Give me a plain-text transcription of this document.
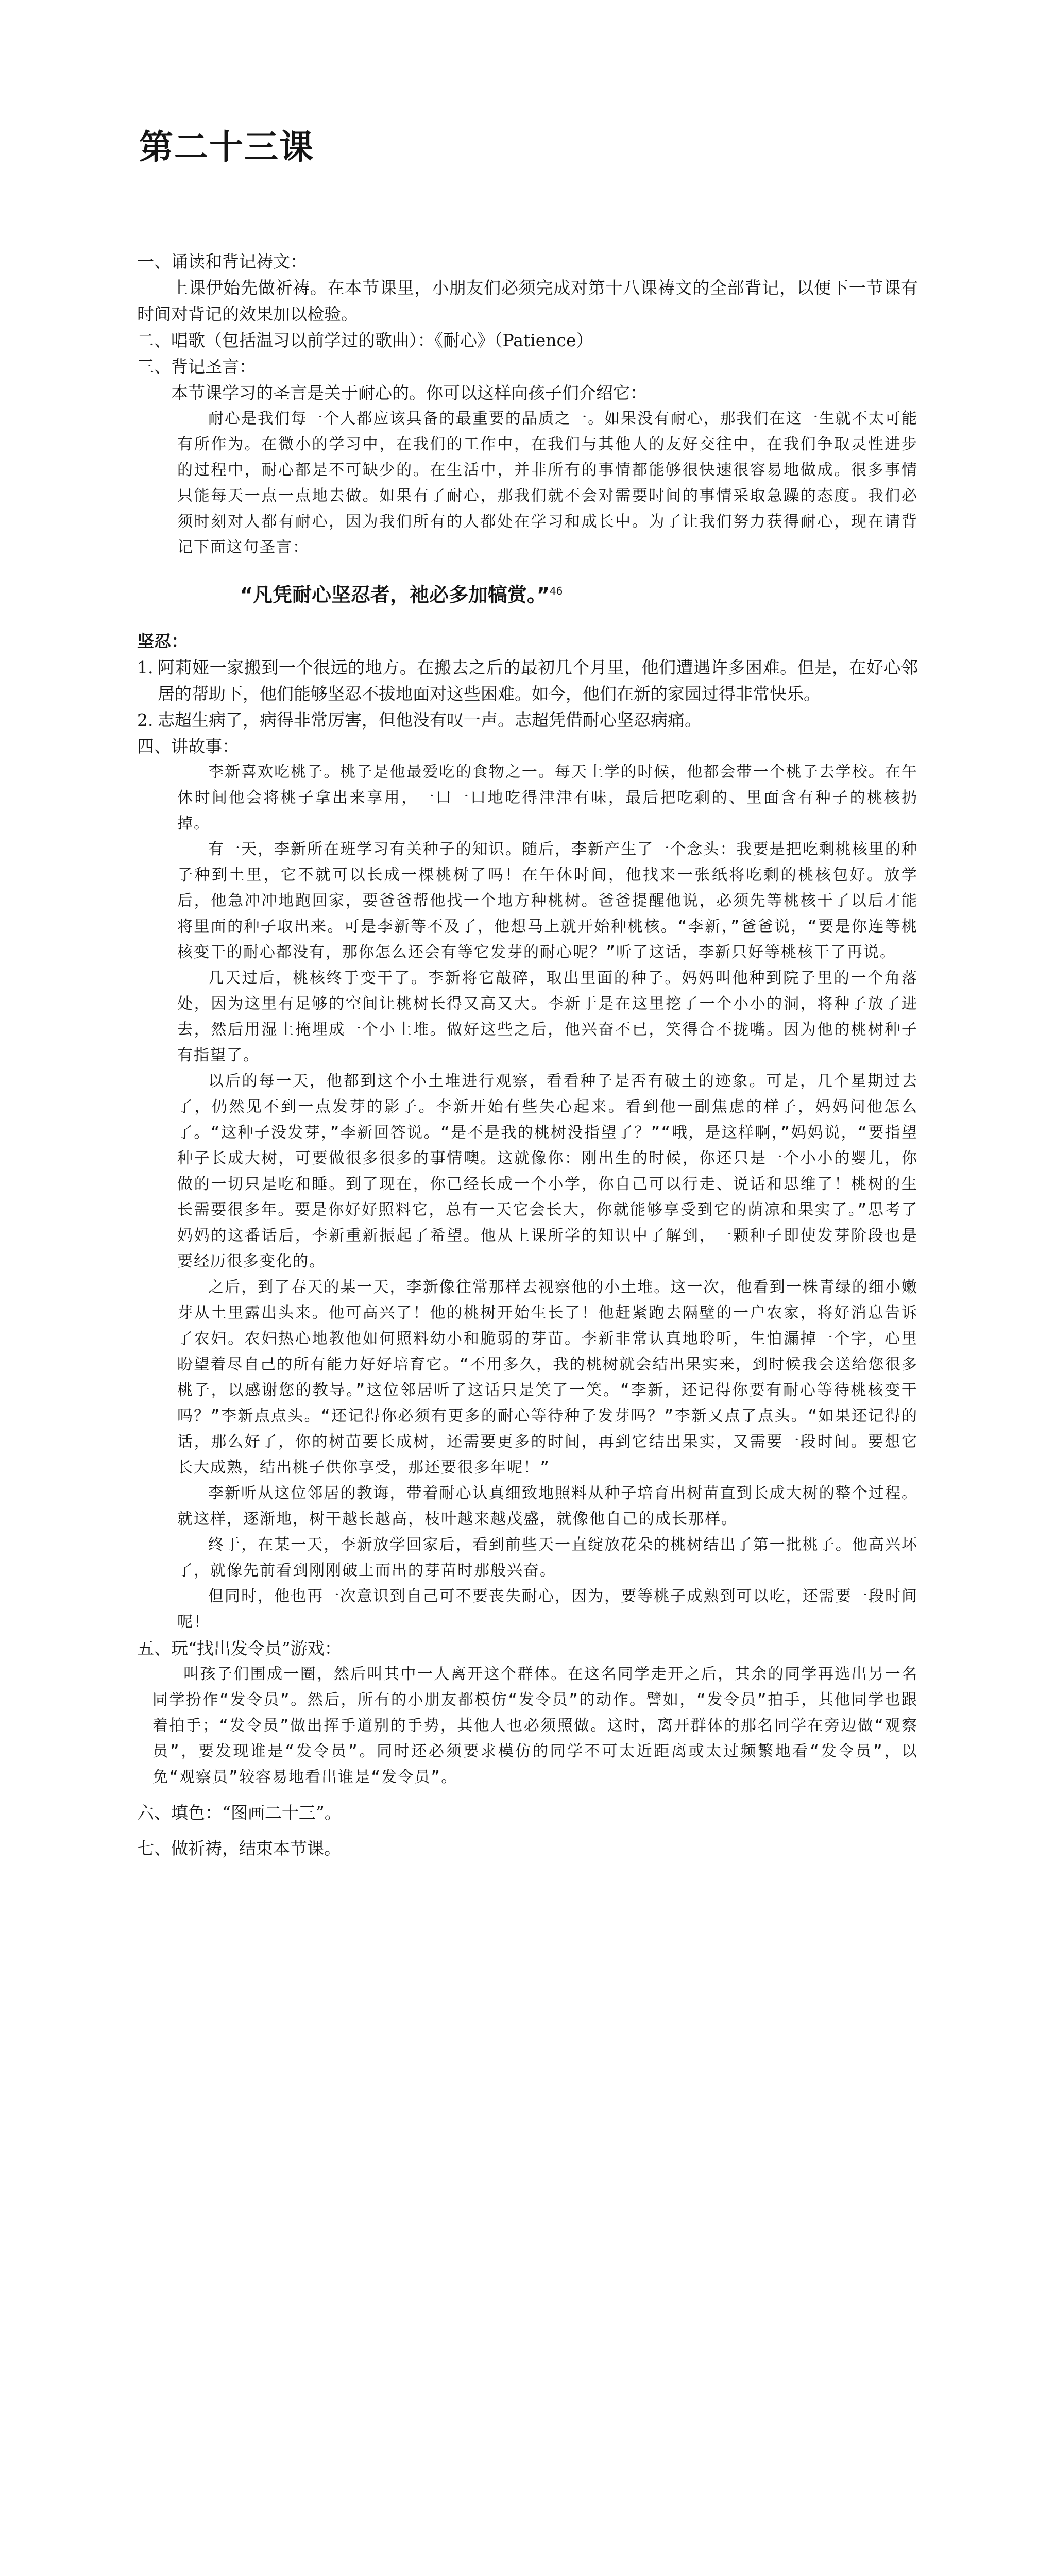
第二十三课

一、诵读和背记祷文：

上课伊始先做祈祷。在本节课里，小朋友们必须完成对第十八课祷文的全部背记，以便下一节课有时间对背记的效果加以检验。

二、唱歌（包括温习以前学过的歌曲）：《耐心》（Patience）

三、背记圣言：

本节课学习的圣言是关于耐心的。你可以这样向孩子们介绍它：

耐心是我们每一个人都应该具备的最重要的品质之一。如果没有耐心，那我们在这一生就不太可能有所作为。在微小的学习中，在我们的工作中，在我们与其他人的友好交往中，在我们争取灵性进步的过程中，耐心都是不可缺少的。在生活中，并非所有的事情都能够很快速很容易地做成。很多事情只能每天一点一点地去做。如果有了耐心，那我们就不会对需要时间的事情采取急躁的态度。我们必须时刻对人都有耐心，因为我们所有的人都处在学习和成长中。为了让我们努力获得耐心，现在请背记下面这句圣言：

“凡凭耐心坚忍者，祂必多加犒赏。”$^{46}$

坚忍：

1. 阿莉娅一家搬到一个很远的地方。在搬去之后的最初几个月里，他们遭遇许多困难。但是，在好心邻居的帮助下，他们能够坚忍不拔地面对这些困难。如今，他们在新的家园过得非常快乐。
2. 志超生病了，病得非常厉害，但他没有叹一声。志超凭借耐心坚忍病痛。

四、讲故事：

李新喜欢吃桃子。桃子是他最爱吃的食物之一。每天上学的时候，他都会带一个桃子去学校。在午休时间他会将桃子拿出来享用，一口一口地吃得津津有味，最后把吃剩的、里面含有种子的桃核扔掉。

有一天，李新所在班学习有关种子的知识。随后，李新产生了一个念头：我要是把吃剩桃核里的种子种到土里，它不就可以长成一棵桃树了吗！在午休时间，他找来一张纸将吃剩的桃核包好。放学后，他急冲冲地跑回家，要爸爸帮他找一个地方种桃树。爸爸提醒他说，必须先等桃核干了以后才能将里面的种子取出来。可是李新等不及了，他想马上就开始种桃核。“李新，”爸爸说，“要是你连等桃核变干的耐心都没有，那你怎么还会有等它发芽的耐心呢？”听了这话，李新只好等桃核干了再说。

几天过后，桃核终于变干了。李新将它敲碎，取出里面的种子。妈妈叫他种到院子里的一个角落处，因为这里有足够的空间让桃树长得又高又大。李新于是在这里挖了一个小小的洞，将种子放了进去，然后用湿土掩埋成一个小土堆。做好这些之后，他兴奋不已，笑得合不拢嘴。因为他的桃树种子有指望了。

以后的每一天，他都到这个小土堆进行观察，看看种子是否有破土的迹象。可是，几个星期过去了，仍然见不到一点发芽的影子。李新开始有些失心起来。看到他一副焦虑的样子，妈妈问他怎么了。“这种子没发芽，”李新回答说。“是不是我的桃树没指望了？”“哦，是这样啊，”妈妈说，“要指望种子长成大树，可要做很多很多的事情噢。这就像你：刚出生的时候，你还只是一个小小的婴儿，你做的一切只是吃和睡。到了现在，你已经长成一个小学，你自己可以行走、说话和思维了！桃树的生长需要很多年。要是你好好照料它，总有一天它会长大，你就能够享受到它的荫凉和果实了。”思考了妈妈的这番话后，李新重新振起了希望。他从上课所学的知识中了解到，一颗种子即使发芽阶段也是要经历很多变化的。

之后，到了春天的某一天，李新像往常那样去视察他的小土堆。这一次，他看到一株青绿的细小嫩芽从土里露出头来。他可高兴了！他的桃树开始生长了！他赶紧跑去隔壁的一户农家，将好消息告诉了农妇。农妇热心地教他如何照料幼小和脆弱的芽苗。李新非常认真地聆听，生怕漏掉一个字，心里盼望着尽自己的所有能力好好培育它。“不用多久，我的桃树就会结出果实来，到时候我会送给您很多桃子，以感谢您的教导。”这位邻居听了这话只是笑了一笑。“李新，还记得你要有耐心等待桃核变干吗？”李新点点头。“还记得你必须有更多的耐心等待种子发芽吗？”李新又点了点头。“如果还记得的话，那么好了，你的树苗要长成树，还需要更多的时间，再到它结出果实，又需要一段时间。要想它长大成熟，结出桃子供你享受，那还要很多年呢！”

李新听从这位邻居的教诲，带着耐心认真细致地照料从种子培育出树苗直到长成大树的整个过程。就这样，逐渐地，树干越长越高，枝叶越来越茂盛，就像他自己的成长那样。

终于，在某一天，李新放学回家后，看到前些天一直绽放花朵的桃树结出了第一批桃子。他高兴坏了，就像先前看到刚刚破土而出的芽苗时那般兴奋。

但同时，他也再一次意识到自己可不要丧失耐心，因为，要等桃子成熟到可以吃，还需要一段时间呢！

五、玩“找出发令员”游戏：

叫孩子们围成一圈，然后叫其中一人离开这个群体。在这名同学走开之后，其余的同学再选出另一名同学扮作“发令员”。然后，所有的小朋友都模仿“发令员”的动作。譬如，“发令员”拍手，其他同学也跟着拍手；“发令员”做出挥手道别的手势，其他人也必须照做。这时，离开群体的那名同学在旁边做“观察员”，要发现谁是“发令员”。同时还必须要求模仿的同学不可太近距离或太过频繁地看“发令员”，以免“观察员”较容易地看出谁是“发令员”。

六、填色：“图画二十三”。

七、做祈祷，结束本节课。
